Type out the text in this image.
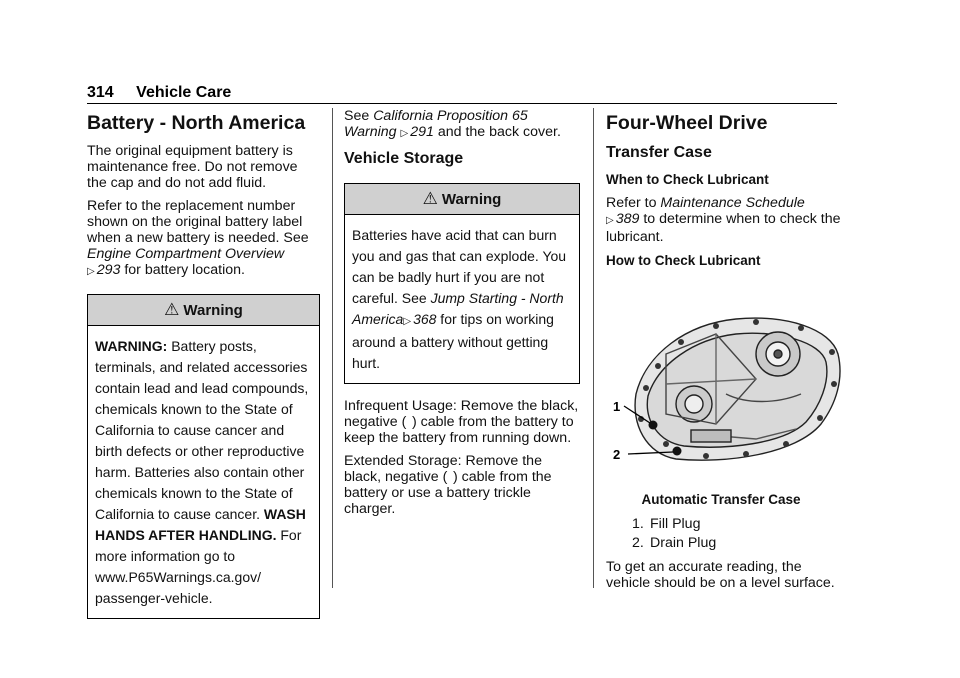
314 Vehicle Care
Battery - North America

The original equipment battery is maintenance free. Do not remove the cap and do not add fluid.

Refer to the replacement number shown on the original battery label when a new battery is needed. See Engine Compartment Overview
▷ 293 for battery location.

⚠ Warning
WARNING: Battery posts, terminals, and related accessories contain lead and lead compounds, chemicals known to the State of California to cause cancer and birth defects or other reproductive harm. Batteries also contain other chemicals known to the State of California to cause cancer. WASH HANDS AFTER HANDLING. For more information go to www.P65Warnings.ca.gov/ passenger-vehicle.

See California Proposition 65 Warning ▷ 291 and the back cover.

Vehicle Storage
⚠ Warning
Batteries have acid that can burn you and gas that can explode. You can be badly hurt if you are not careful. See Jump Starting - North America▷ 368 for tips on working around a battery without getting hurt.

Infrequent Usage: Remove the black, negative (  ) cable from the battery to keep the battery from running down.

Extended Storage: Remove the black, negative (  ) cable from the battery or use a battery trickle charger.

Four-Wheel Drive
Transfer Case
When to Check Lubricant

Refer to Maintenance Schedule
▷ 389 to determine when to check the lubricant.

How to Check Lubricant
1
2
Automatic Transfer Case
1. Fill Plug
2. Drain Plug

To get an accurate reading, the vehicle should be on a level surface.
